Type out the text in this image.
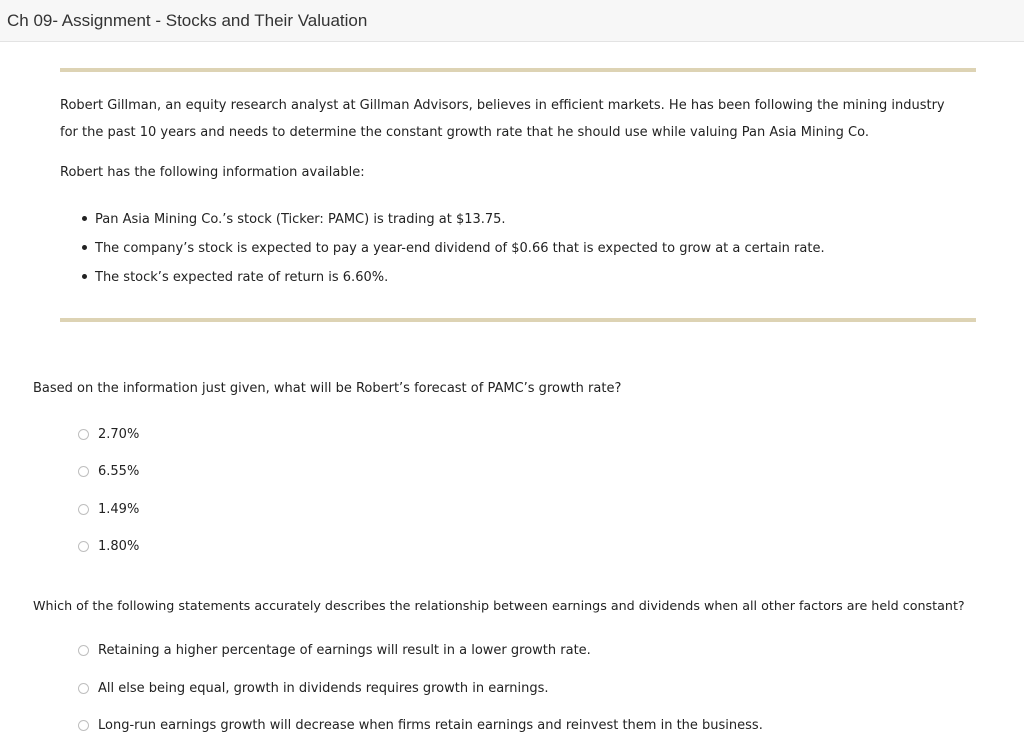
Ch 09- Assignment - Stocks and Their Valuation
Robert Gillman, an equity research analyst at Gillman Advisors, believes in efficient markets. He has been following the mining industry
for the past 10 years and needs to determine the constant growth rate that he should use while valuing Pan Asia Mining Co.
Robert has the following information available:
Pan Asia Mining Co.’s stock (Ticker: PAMC) is trading at $13.75.
The company’s stock is expected to pay a year-end dividend of $0.66 that is expected to grow at a certain rate.
The stock’s expected rate of return is 6.60%.
Based on the information just given, what will be Robert’s forecast of PAMC’s growth rate?
2.70%
6.55%
1.49%
1.80%
Which of the following statements accurately describes the relationship between earnings and dividends when all other factors are held constant?
Retaining a higher percentage of earnings will result in a lower growth rate.
All else being equal, growth in dividends requires growth in earnings.
Long-run earnings growth will decrease when firms retain earnings and reinvest them in the business.
